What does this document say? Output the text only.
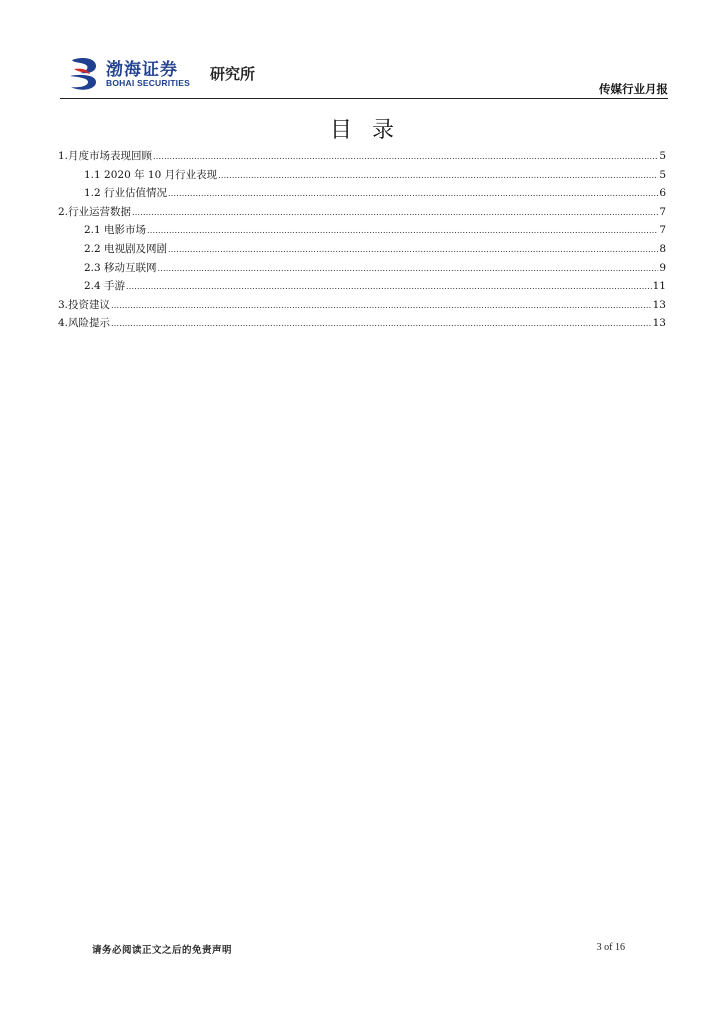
渤海证券
BOHAI SECURITIES 研究所
传媒行业月报
目录
1.月度市场表现回顾 .....	5
1.1 2020 年 10 月行业表现 .....	5
1.2 行业估值情况 .....	6
2.行业运营数据 .....	7
2.1 电影市场 .....	7
2.2 电视剧及网剧 .....	8
2.3 移动互联网 .....	9
2.4 手游 .....	11
3.投资建议 .....	13
4.风险提示 .....	13
请务必阅读正文之后的免责声明	3 of 16
